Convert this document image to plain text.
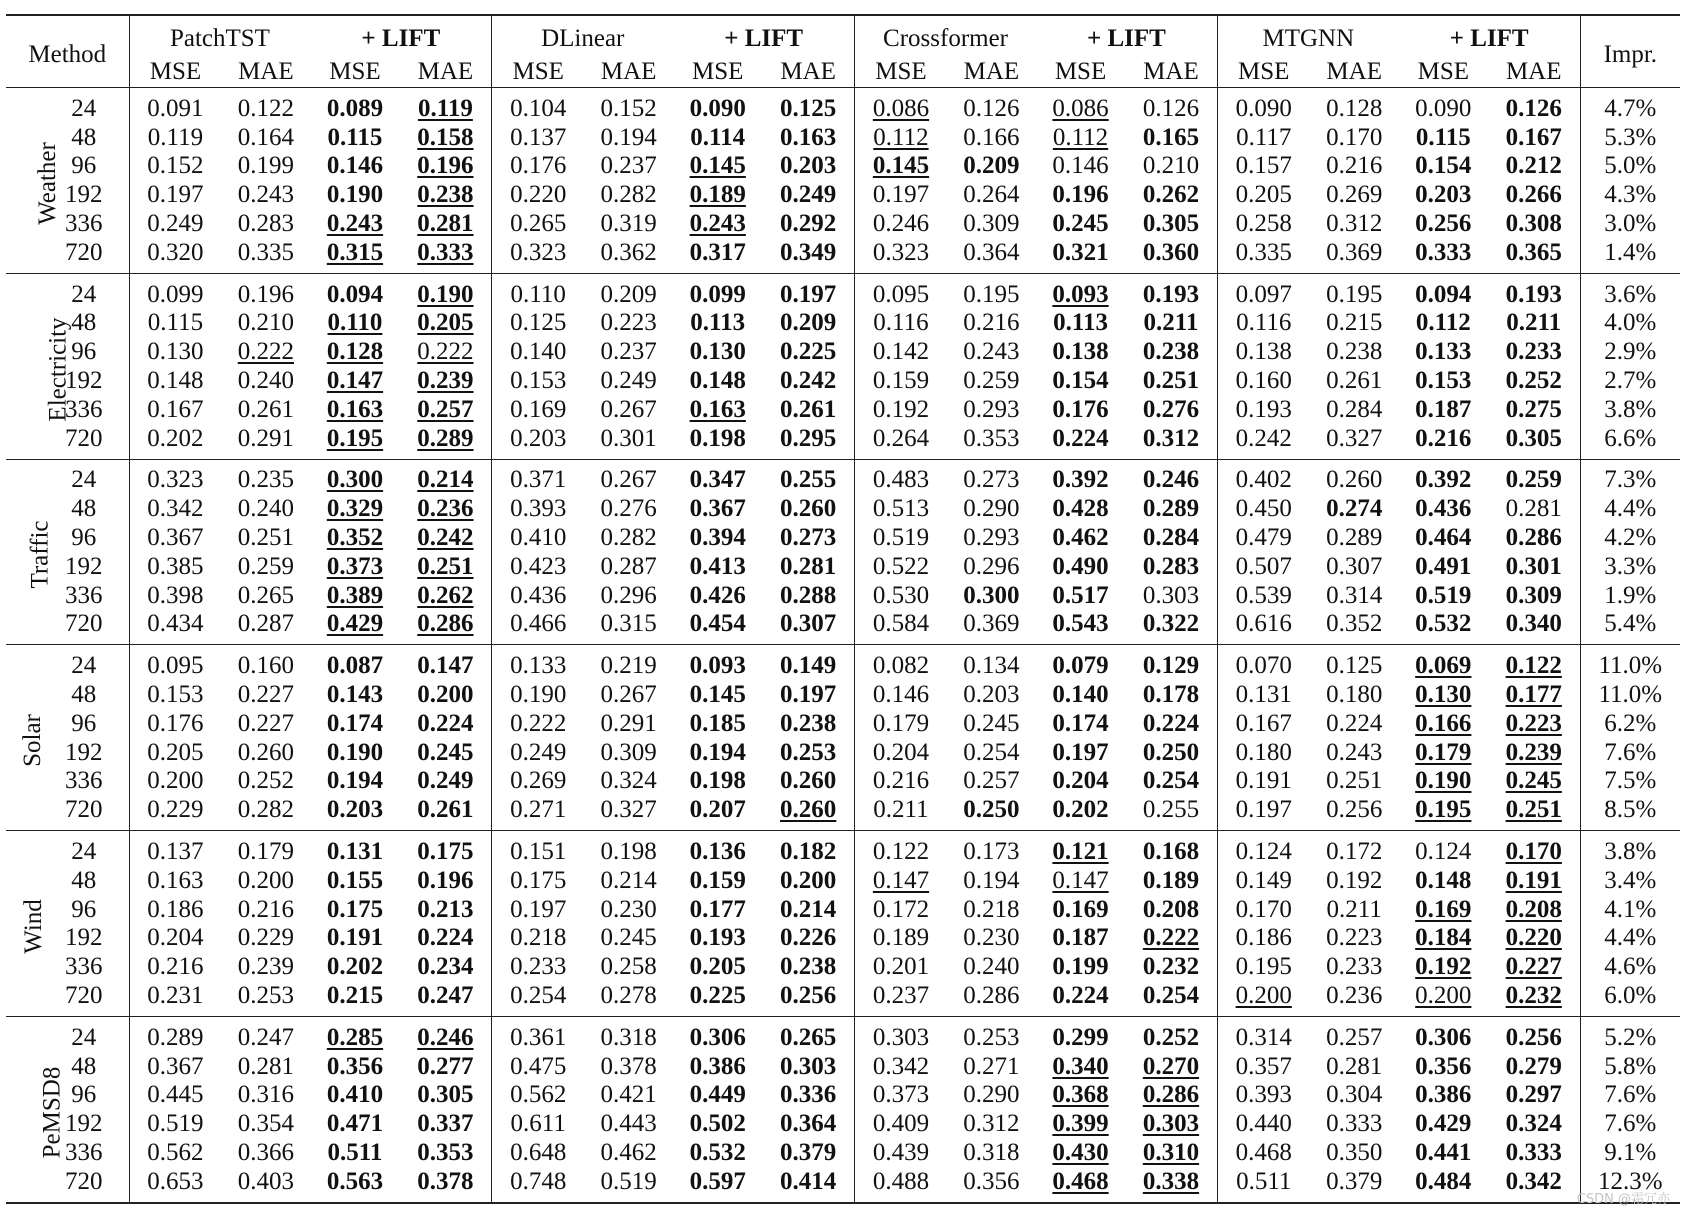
Method		PatchTST		+ LIFT		DLinear		+ LIFT		Crossformer		+ LIFT		MTGNN		+ LIFT		Impr.
		MSE	MAE	MSE	MAE	MSE	MAE	MSE	MAE	MSE	MAE	MSE	MAE	MSE	MAE	MSE	MAE	
Weather	24	0.091	0.122	0.089	0.119	0.104	0.152	0.090	0.125	0.086	0.126	0.086	0.126	0.090	0.128	0.090	0.126	4.7%
	48	0.119	0.164	0.115	0.158	0.137	0.194	0.114	0.163	0.112	0.166	0.112	0.165	0.117	0.170	0.115	0.167	5.3%
	96	0.152	0.199	0.146	0.196	0.176	0.237	0.145	0.203	0.145	0.209	0.146	0.210	0.157	0.216	0.154	0.212	5.0%
	192	0.197	0.243	0.190	0.238	0.220	0.282	0.189	0.249	0.197	0.264	0.196	0.262	0.205	0.269	0.203	0.266	4.3%
	336	0.249	0.283	0.243	0.281	0.265	0.319	0.243	0.292	0.246	0.309	0.245	0.305	0.258	0.312	0.256	0.308	3.0%
	720	0.320	0.335	0.315	0.333	0.323	0.362	0.317	0.349	0.323	0.364	0.321	0.360	0.335	0.369	0.333	0.365	1.4%
Electricity	24	0.099	0.196	0.094	0.190	0.110	0.209	0.099	0.197	0.095	0.195	0.093	0.193	0.097	0.195	0.094	0.193	3.6%
	48	0.115	0.210	0.110	0.205	0.125	0.223	0.113	0.209	0.116	0.216	0.113	0.211	0.116	0.215	0.112	0.211	4.0%
	96	0.130	0.222	0.128	0.222	0.140	0.237	0.130	0.225	0.142	0.243	0.138	0.238	0.138	0.238	0.133	0.233	2.9%
	192	0.148	0.240	0.147	0.239	0.153	0.249	0.148	0.242	0.159	0.259	0.154	0.251	0.160	0.261	0.153	0.252	2.7%
	336	0.167	0.261	0.163	0.257	0.169	0.267	0.163	0.261	0.192	0.293	0.176	0.276	0.193	0.284	0.187	0.275	3.8%
	720	0.202	0.291	0.195	0.289	0.203	0.301	0.198	0.295	0.264	0.353	0.224	0.312	0.242	0.327	0.216	0.305	6.6%
Traffic	24	0.323	0.235	0.300	0.214	0.371	0.267	0.347	0.255	0.483	0.273	0.392	0.246	0.402	0.260	0.392	0.259	7.3%
	48	0.342	0.240	0.329	0.236	0.393	0.276	0.367	0.260	0.513	0.290	0.428	0.289	0.450	0.274	0.436	0.281	4.4%
	96	0.367	0.251	0.352	0.242	0.410	0.282	0.394	0.273	0.519	0.293	0.462	0.284	0.479	0.289	0.464	0.286	4.2%
	192	0.385	0.259	0.373	0.251	0.423	0.287	0.413	0.281	0.522	0.296	0.490	0.283	0.507	0.307	0.491	0.301	3.3%
	336	0.398	0.265	0.389	0.262	0.436	0.296	0.426	0.288	0.530	0.300	0.517	0.303	0.539	0.314	0.519	0.309	1.9%
	720	0.434	0.287	0.429	0.286	0.466	0.315	0.454	0.307	0.584	0.369	0.543	0.322	0.616	0.352	0.532	0.340	5.4%
Solar	24	0.095	0.160	0.087	0.147	0.133	0.219	0.093	0.149	0.082	0.134	0.079	0.129	0.070	0.125	0.069	0.122	11.0%
	48	0.153	0.227	0.143	0.200	0.190	0.267	0.145	0.197	0.146	0.203	0.140	0.178	0.131	0.180	0.130	0.177	11.0%
	96	0.176	0.227	0.174	0.224	0.222	0.291	0.185	0.238	0.179	0.245	0.174	0.224	0.167	0.224	0.166	0.223	6.2%
	192	0.205	0.260	0.190	0.245	0.249	0.309	0.194	0.253	0.204	0.254	0.197	0.250	0.180	0.243	0.179	0.239	7.6%
	336	0.200	0.252	0.194	0.249	0.269	0.324	0.198	0.260	0.216	0.257	0.204	0.254	0.191	0.251	0.190	0.245	7.5%
	720	0.229	0.282	0.203	0.261	0.271	0.327	0.207	0.260	0.211	0.250	0.202	0.255	0.197	0.256	0.195	0.251	8.5%
Wind	24	0.137	0.179	0.131	0.175	0.151	0.198	0.136	0.182	0.122	0.173	0.121	0.168	0.124	0.172	0.124	0.170	3.8%
	48	0.163	0.200	0.155	0.196	0.175	0.214	0.159	0.200	0.147	0.194	0.147	0.189	0.149	0.192	0.148	0.191	3.4%
	96	0.186	0.216	0.175	0.213	0.197	0.230	0.177	0.214	0.172	0.218	0.169	0.208	0.170	0.211	0.169	0.208	4.1%
	192	0.204	0.229	0.191	0.224	0.218	0.245	0.193	0.226	0.189	0.230	0.187	0.222	0.186	0.223	0.184	0.220	4.4%
	336	0.216	0.239	0.202	0.234	0.233	0.258	0.205	0.238	0.201	0.240	0.199	0.232	0.195	0.233	0.192	0.227	4.6%
	720	0.231	0.253	0.215	0.247	0.254	0.278	0.225	0.256	0.237	0.286	0.224	0.254	0.200	0.236	0.200	0.232	6.0%
PeMSD8	24	0.289	0.247	0.285	0.246	0.361	0.318	0.306	0.265	0.303	0.253	0.299	0.252	0.314	0.257	0.306	0.256	5.2%
	48	0.367	0.281	0.356	0.277	0.475	0.378	0.386	0.303	0.342	0.271	0.340	0.270	0.357	0.281	0.356	0.279	5.8%
	96	0.445	0.316	0.410	0.305	0.562	0.421	0.449	0.336	0.373	0.290	0.368	0.286	0.393	0.304	0.386	0.297	7.6%
	192	0.519	0.354	0.471	0.337	0.611	0.443	0.502	0.364	0.409	0.312	0.399	0.303	0.440	0.333	0.429	0.324	7.6%
	336	0.562	0.366	0.511	0.353	0.648	0.462	0.532	0.379	0.439	0.318	0.430	0.310	0.468	0.350	0.441	0.333	9.1%
	720	0.653	0.403	0.563	0.378	0.748	0.519	0.597	0.414	0.488	0.356	0.468	0.338	0.511	0.379	0.484	0.342	12.3%
CSDN @霜冗亦
